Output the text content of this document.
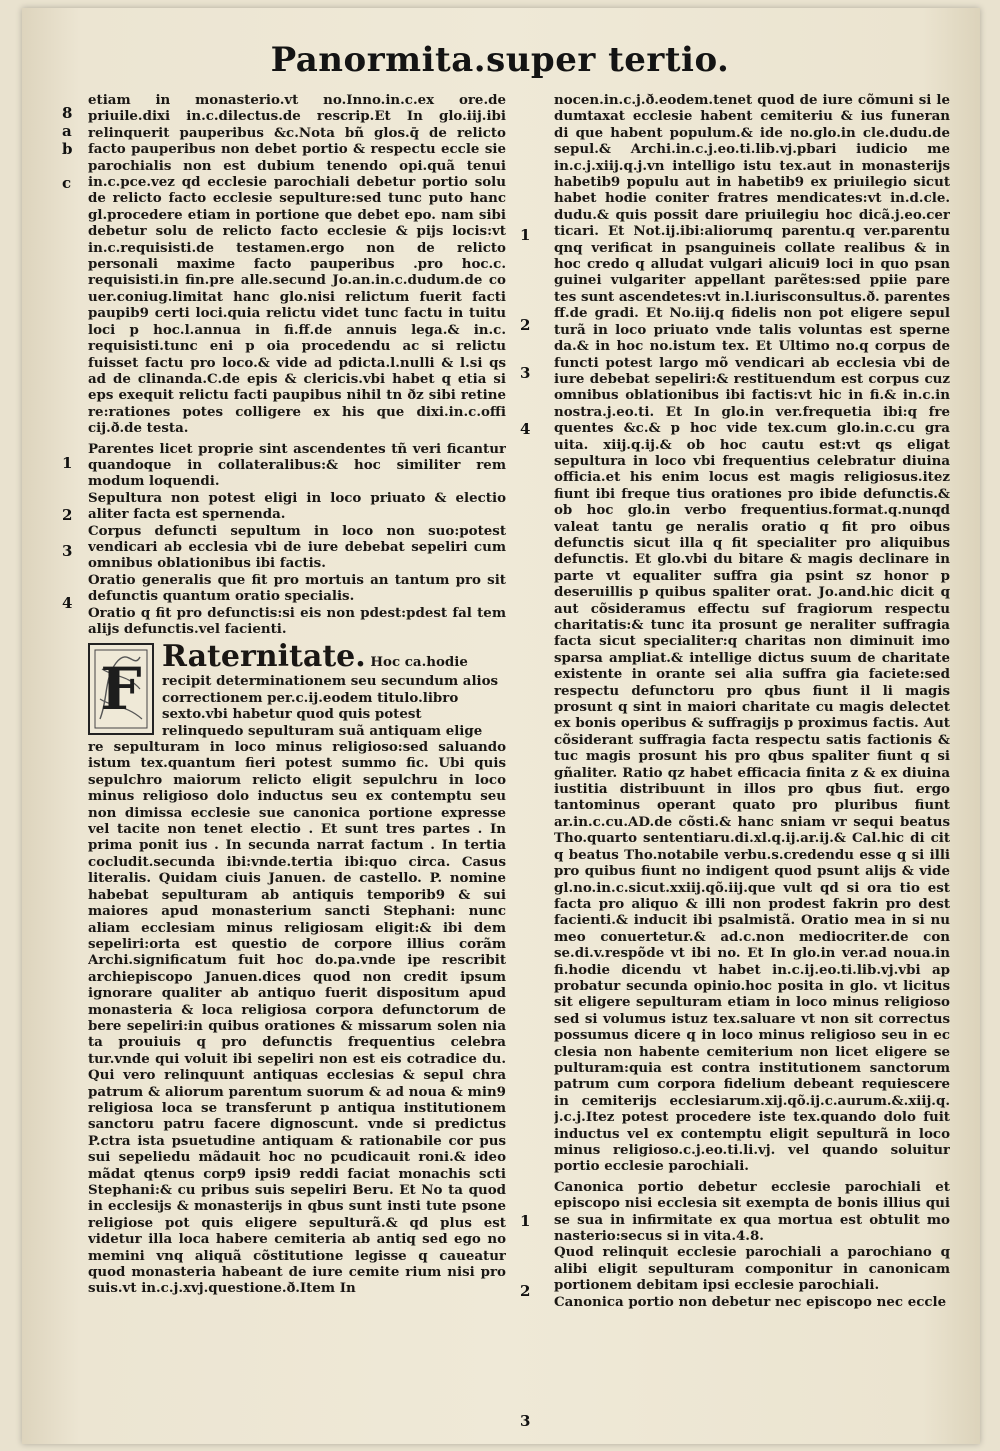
Panormita.super tertio.
8
a
b
c
1
2
3
4
1
2
3
4
1
2
3

etiam in monasterio.vt no.Inno.in.c.ex ore.de priuile.dixi in.c.dilectus.de rescrip.Et In glo.iij.ibi relinquerit pauperibus &c.Nota bñ glos.q̄ de relicto facto pauperibus non debet portio & respectu eccle sie parochialis non est dubium tenendo opi.quã tenui in.c.pce.vez qd ecclesie parochiali debetur portio solu de relicto facto ecclesie sepulture:sed tunc puto hanc gl.procedere etiam in portione que debet epo. nam sibi debetur solu de relicto facto ecclesie & pijs locis:vt in.c.requisisti.de testamen.ergo non de relicto personali maxime facto pauperibus .pro hoc.c. requisisti.in fin.pre alle.secund Jo.an.in.c.dudum.de co uer.coniug.limitat hanc glo.nisi relictum fuerit facti paupib9 certi loci.quia relictu videt tunc factu in tuitu loci p hoc.l.annua in fi.ff.de annuis lega.& in.c. requisisti.tunc eni p oia procedendu ac si relictu fuisset factu pro loco.& vide ad pdicta.l.nulli & l.si qs ad de clinanda.C.de epis & clericis.vbi habet q etia si eps exequit relictu facti paupibus nihil tn ðz sibi retine re:rationes potes colligere ex his que dixi.in.c.offi cij.ð.de testa.

Parentes licet proprie sint ascendentes tñ veri ficantur quandoque in collateralibus:& hoc similiter rem modum loquendi.

Sepultura non potest eligi in loco priuato & electio aliter facta est spernenda.

Corpus defuncti sepultum in loco non suo:potest vendicari ab ecclesia vbi de iure debebat sepeliri cum omnibus oblationibus ibi factis.

Oratio generalis que fit pro mortuis an tantum pro sit defunctis quantum oratio specialis.

Oratio q fit pro defunctis:si eis non pdest:pdest fal tem alijs defunctis.vel facienti.

F Raternitate. Hoc ca.hodie recipit determinationem seu secundum alios correctionem per.c.ij.eodem titulo.libro sexto.vbi habetur quod quis potest relinquedo sepulturam suã antiquam elige

re sepulturam in loco minus religioso:sed saluando istum tex.quantum fieri potest summo fic. Ubi quis sepulchro maiorum relicto eligit sepulchru in loco minus religioso dolo inductus seu ex contemptu seu non dimissa ecclesie sue canonica portione expresse vel tacite non tenet electio . Et sunt tres partes . In prima ponit ius . In secunda narrat factum . In tertia cocludit.secunda ibi:vnde.tertia ibi:quo circa. Casus literalis. Quidam ciuis Januen. de castello. P. nomine habebat sepulturam ab antiquis temporib9 & sui maiores apud monasterium sancti Stephani: nunc aliam ecclesiam minus religiosam eligit:& ibi dem sepeliri:orta est questio de corpore illius corãm Archi.significatum fuit hoc do.pa.vnde ipe rescribit archiepiscopo Januen.dices quod non credit ipsum ignorare qualiter ab antiquo fuerit dispositum apud monasteria & loca religiosa corpora defunctorum de bere sepeliri:in quibus orationes & missarum solen nia ta prouiuis q pro defunctis frequentius celebra tur.vnde qui voluit ibi sepeliri non est eis cotradice du. Qui vero relinquunt antiquas ecclesias & sepul chra patrum & aliorum parentum suorum & ad noua & min9 religiosa loca se transferunt p antiqua institutionem sanctoru patru facere dignoscunt. vnde si predictus P.ctra ista psuetudine antiquam & rationabile cor pus sui sepeliedu mãdauit hoc no pcudicauit roni.& ideo mãdat qtenus corp9 ipsi9 reddi faciat monachis scti Stephani:& cu pribus suis sepeliri Beru. Et No ta quod in ecclesijs & monasterijs in qbus sunt insti tute psone religiose pot quis eligere sepulturã.& qd plus est videtur illa loca habere cemiteria ab antiq sed ego no memini vnq aliquã cõstitutione legisse q caueatur quod monasteria habeant de iure cemite rium nisi pro suis.vt in.c.j.xvj.questione.ð.Item In

nocen.in.c.j.ð.eodem.tenet quod de iure cõmuni si le dumtaxat ecclesie habent cemiteriu & ius funeran di que habent populum.& ide no.glo.in cle.dudu.de sepul.& Archi.in.c.j.eo.ti.lib.vj.pbari iudicio me in.c.j.xiij.q.j.vn intelligo istu tex.aut in monasterijs habetib9 populu aut in habetib9 ex priuilegio sicut habet hodie coniter fratres mendicates:vt in.d.cle. dudu.& quis possit dare priuilegiu hoc dicã.j.eo.cer ticari. Et Not.ij.ibi:aliorumq parentu.q ver.parentu qnq verificat in psanguineis collate realibus & in hoc credo q alludat vulgari alicui9 loci in quo psan guinei vulgariter appellant parẽtes:sed ppiie pare tes sunt ascendetes:vt in.l.iurisconsultus.ð. parentes ff.de gradi. Et No.iij.q fidelis non pot eligere sepul turã in loco priuato vnde talis voluntas est sperne da.& in hoc no.istum tex. Et Ultimo no.q corpus de functi potest largo mõ vendicari ab ecclesia vbi de iure debebat sepeliri:& restituendum est corpus cuz omnibus oblationibus ibi factis:vt hic in fi.& in.c.in nostra.j.eo.ti. Et In glo.in ver.frequetia ibi:q fre quentes &c.& p hoc vide tex.cum glo.in.c.cu gra uita. xiij.q.ij.& ob hoc cautu est:vt qs eligat sepultura in loco vbi frequentius celebratur diuina officia.et his enim locus est magis religiosus.itez fiunt ibi freque tius orationes pro ibide defunctis.& ob hoc glo.in verbo frequentius.format.q.nunqd valeat tantu ge neralis oratio q fit pro oibus defunctis sicut illa q fit specialiter pro aliquibus defunctis. Et glo.vbi du bitare & magis declinare in parte vt equaliter suffra gia psint sz honor p deseruillis p quibus spaliter orat. Jo.and.hic dicit q aut cõsideramus effectu suf fragiorum respectu charitatis:& tunc ita prosunt ge neraliter suffragia facta sicut specialiter:q charitas non diminuit imo sparsa ampliat.& intellige dictus suum de charitate existente in orante sei alia suffra gia faciete:sed respectu defunctoru pro qbus fiunt il li magis prosunt q sint in maiori charitate cu magis delectet ex bonis operibus & suffragijs p proximus factis. Aut cõsiderant suffragia facta respectu satis factionis & tuc magis prosunt his pro qbus spaliter fiunt q si gñaliter. Ratio qz habet efficacia finita z & ex diuina iustitia distribuunt in illos pro qbus fiut. ergo tantominus operant quato pro pluribus fiunt ar.in.c.cu.AD.de cõsti.& hanc sniam vr sequi beatus Tho.quarto sententiaru.di.xl.q.ij.ar.ij.& Cal.hic di cit q beatus Tho.notabile verbu.s.credendu esse q si illi pro quibus fiunt no indigent quod psunt alijs & vide gl.no.in.c.sicut.xxiij.qõ.iij.que vult qd si ora tio est facta pro aliquo & illi non prodest fakrin pro dest facienti.& inducit ibi psalmistã. Oratio mea in si nu meo conuertetur.& ad.c.non mediocriter.de con se.di.v.respõde vt ibi no. Et In glo.in ver.ad noua.in fi.hodie dicendu vt habet in.c.ij.eo.ti.lib.vj.vbi ap probatur secunda opinio.hoc posita in glo. vt licitus sit eligere sepulturam etiam in loco minus religioso sed si volumus istuz tex.saluare vt non sit correctus possumus dicere q in loco minus religioso seu in ec clesia non habente cemiterium non licet eligere se pulturam:quia est contra institutionem sanctorum patrum cum corpora fidelium debeant requiescere in cemiterijs ecclesiarum.xij.qõ.ij.c.aurum.&.xiij.q. j.c.j.Itez potest procedere iste tex.quando dolo fuit inductus vel ex contemptu eligit sepulturã in loco minus religioso.c.j.eo.ti.li.vj. vel quando soluitur portio ecclesie parochiali.

Canonica portio debetur ecclesie parochiali et episcopo nisi ecclesia sit exempta de bonis illius qui se sua in infirmitate ex qua mortua est obtulit mo nasterio:secus si in vita.4.8.

Quod relinquit ecclesie parochiali a parochiano q alibi eligit sepulturam componitur in canonicam portionem debitam ipsi ecclesie parochiali.

Canonica portio non debetur nec episcopo nec eccle
